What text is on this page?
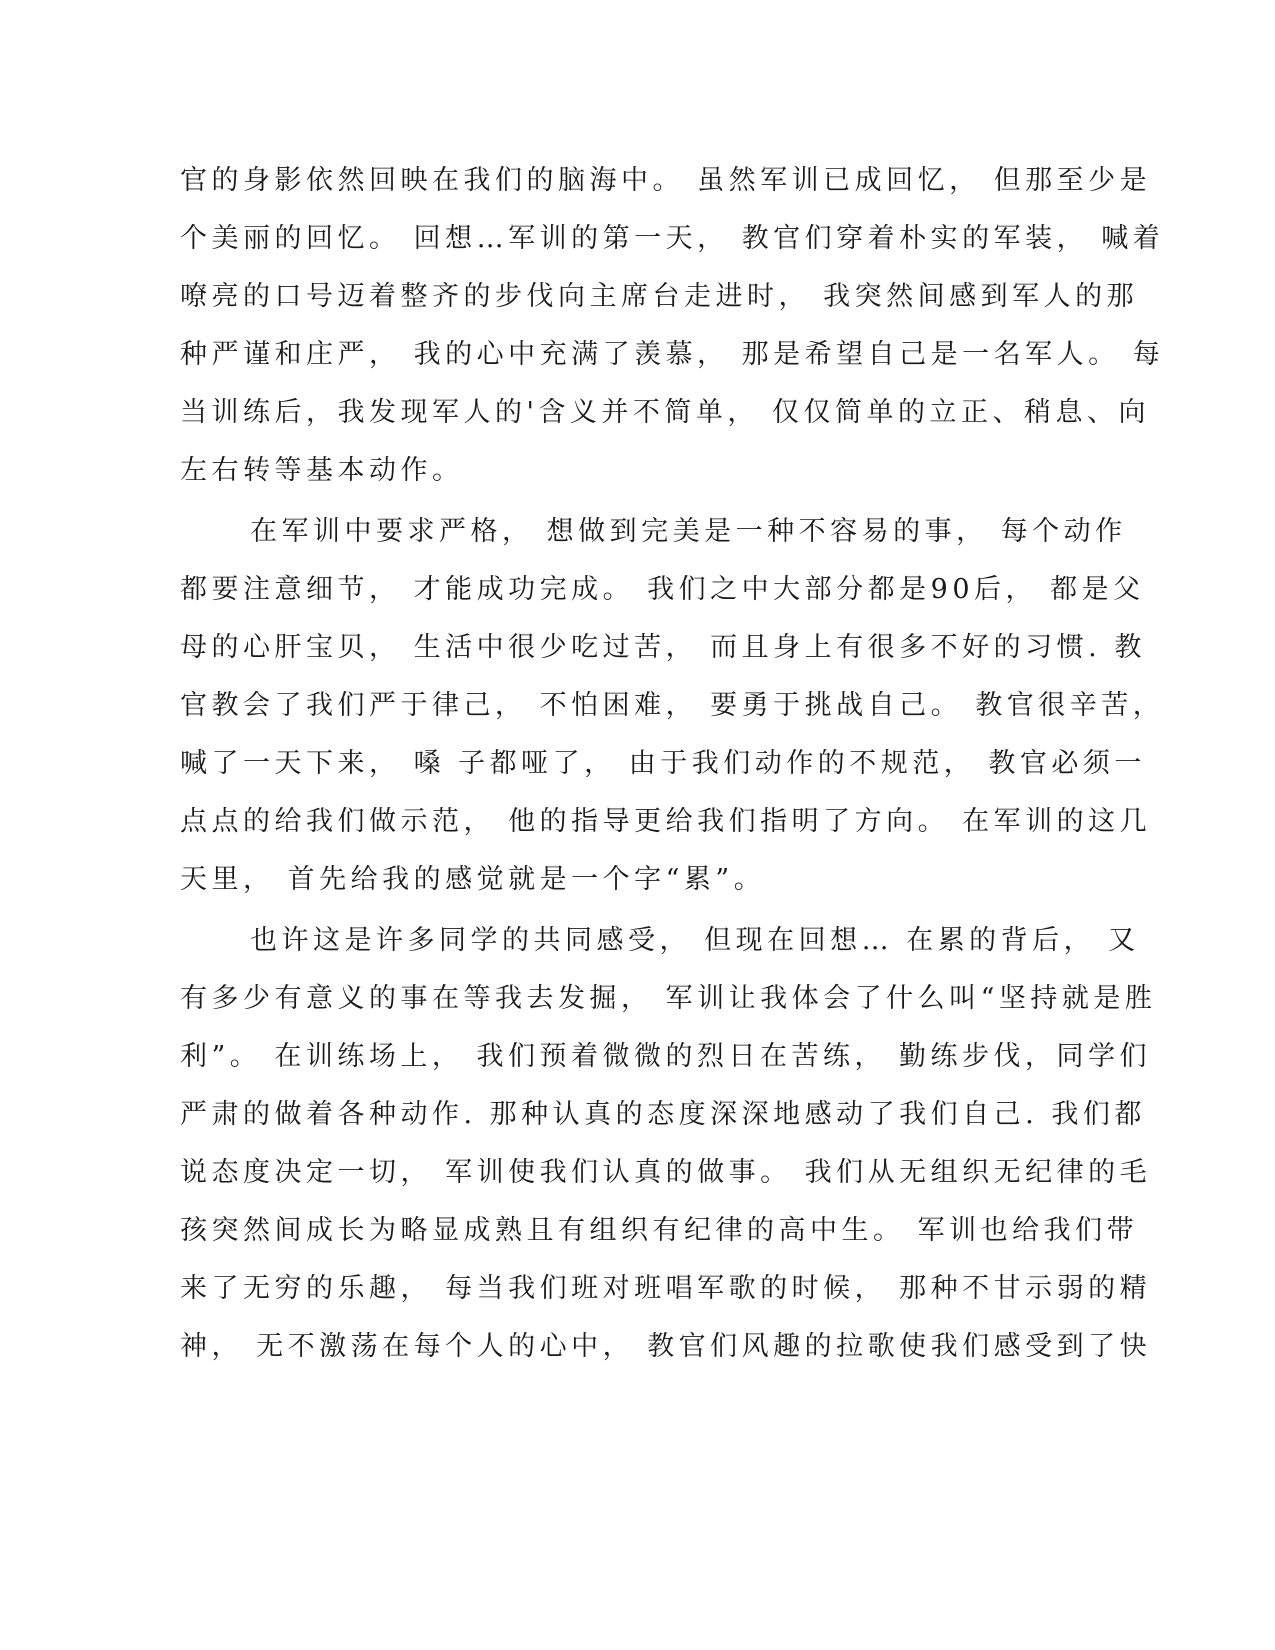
官的身影依然回映在我们的脑海中。 虽然军训已成回忆， 但那至少是
个美丽的回忆。 回想…军训的第一天， 教官们穿着朴实的军装， 喊着
嘹亮的口号迈着整齐的步伐向主席台走进时， 我突然间感到军人的那
种严谨和庄严， 我的心中充满了羡慕， 那是希望自己是一名军人。 每
当训练后，我发现军人的'含义并不简单， 仅仅简单的立正、稍息、向
左右转等基本动作。
在军训中要求严格， 想做到完美是一种不容易的事， 每个动作
都要注意细节， 才能成功完成。 我们之中大部分都是90后， 都是父
母的心肝宝贝， 生活中很少吃过苦， 而且身上有很多不好的习惯. 教
官教会了我们严于律己， 不怕困难， 要勇于挑战自己。 教官很辛苦，
喊了一天下来， 嗓 子都哑了， 由于我们动作的不规范， 教官必须一
点点的给我们做示范， 他的指导更给我们指明了方向。 在军训的这几
天里， 首先给我的感觉就是一个字“累”。
也许这是许多同学的共同感受， 但现在回想… 在累的背后， 又
有多少有意义的事在等我去发掘， 军训让我体会了什么叫“坚持就是胜
利”。 在训练场上， 我们预着微微的烈日在苦练， 勤练步伐，同学们
严肃的做着各种动作. 那种认真的态度深深地感动了我们自己. 我们都
说态度决定一切， 军训使我们认真的做事。 我们从无组织无纪律的毛
孩突然间成长为略显成熟且有组织有纪律的高中生。 军训也给我们带
来了无穷的乐趣， 每当我们班对班唱军歌的时候， 那种不甘示弱的精
神， 无不激荡在每个人的心中， 教官们风趣的拉歌使我们感受到了快
